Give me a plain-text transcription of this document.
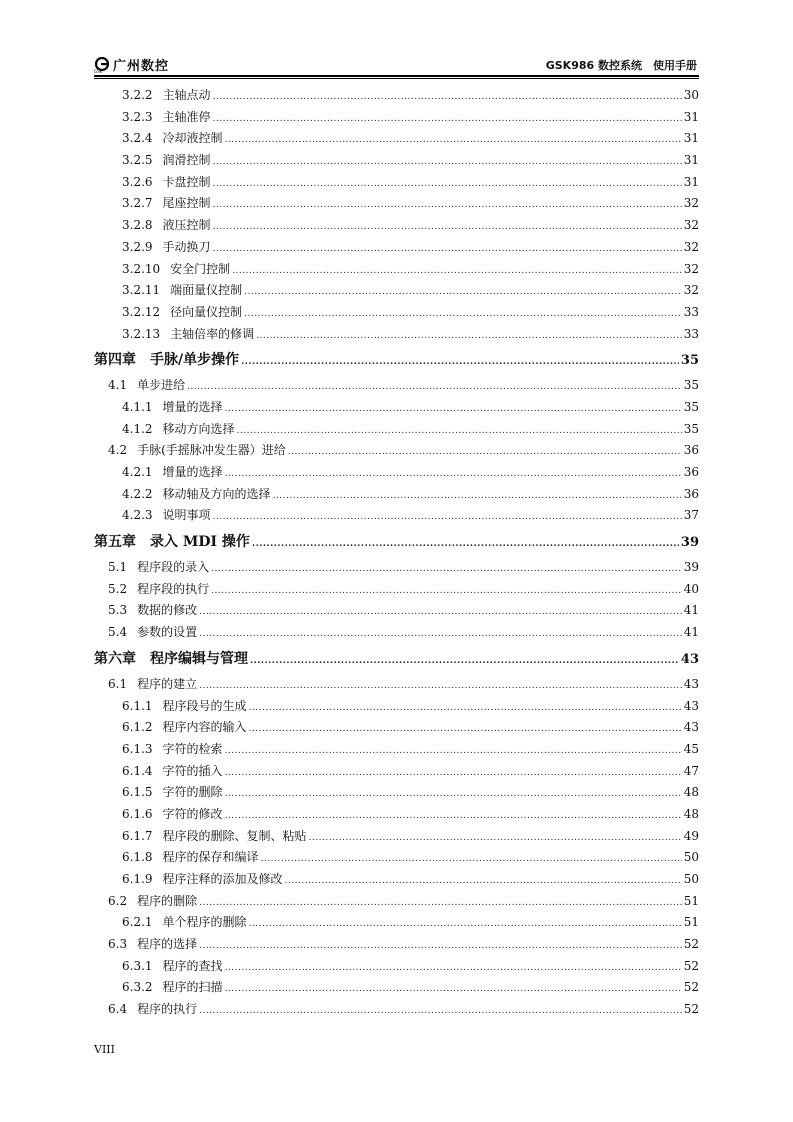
广州数控
GSK	GSK986 数控系统　使用手册
3.2.2 主轴点动 .....	30
3.2.3 主轴准停 .....	31
3.2.4 冷却液控制 .....	31
3.2.5 润滑控制 .....	31
3.2.6 卡盘控制 .....	31
3.2.7 尾座控制 .....	32
3.2.8 液压控制 .....	32
3.2.9 手动换刀 .....	32
3.2.10 安全门控制 .....	32
3.2.11 端面量仪控制 .....	32
3.2.12 径向量仪控制 .....	33
3.2.13 主轴倍率的修调 .....	33
第四章 手脉/单步操作 .....	35
4.1 单步进给 .....	35
4.1.1 增量的选择 .....	35
4.1.2 移动方向选择 .....	35
4.2 手脉(手摇脉冲发生器）进给 .....	36
4.2.1 增量的选择 .....	36
4.2.2 移动轴及方向的选择 .....	36
4.2.3 说明事项 .....	37
第五章 录入 MDI 操作 .....	39
5.1 程序段的录入 .....	39
5.2 程序段的执行 .....	40
5.3 数据的修改 .....	41
5.4 参数的设置 .....	41
第六章 程序编辑与管理 .....	43
6.1 程序的建立 .....	43
6.1.1 程序段号的生成 .....	43
6.1.2 程序内容的输入 .....	43
6.1.3 字符的检索 .....	45
6.1.4 字符的插入 .....	47
6.1.5 字符的删除 .....	48
6.1.6 字符的修改 .....	48
6.1.7 程序段的删除、复制、粘贴 .....	49
6.1.8 程序的保存和编译 .....	50
6.1.9 程序注释的添加及修改 .....	50
6.2 程序的删除 .....	51
6.2.1 单个程序的删除 .....	51
6.3 程序的选择 .....	52
6.3.1 程序的查找 .....	52
6.3.2 程序的扫描 .....	52
6.4 程序的执行 .....	52
VIII
